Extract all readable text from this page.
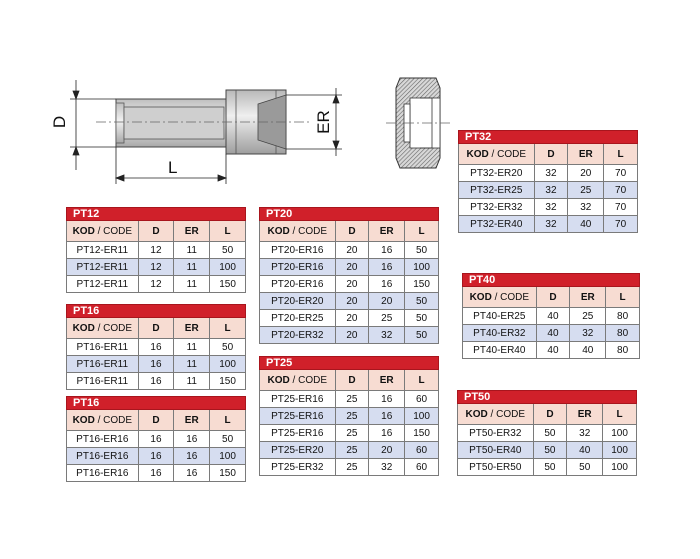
D
L
ER
PT12			
KOD / CODE	D	ER	L
PT12-ER11	12	11	50
PT12-ER11	12	11	100
PT12-ER11	12	11	150
PT16			
KOD / CODE	D	ER	L
PT16-ER11	16	11	50
PT16-ER11	16	11	100
PT16-ER11	16	11	150
PT16			
KOD / CODE	D	ER	L
PT16-ER16	16	16	50
PT16-ER16	16	16	100
PT16-ER16	16	16	150
PT20			
KOD / CODE	D	ER	L
PT20-ER16	20	16	50
PT20-ER16	20	16	100
PT20-ER16	20	16	150
PT20-ER20	20	20	50
PT20-ER25	20	25	50
PT20-ER32	20	32	50
PT25			
KOD / CODE	D	ER	L
PT25-ER16	25	16	60
PT25-ER16	25	16	100
PT25-ER16	25	16	150
PT25-ER20	25	20	60
PT25-ER32	25	32	60
PT32			
KOD / CODE	D	ER	L
PT32-ER20	32	20	70
PT32-ER25	32	25	70
PT32-ER32	32	32	70
PT32-ER40	32	40	70
PT40			
KOD / CODE	D	ER	L
PT40-ER25	40	25	80
PT40-ER32	40	32	80
PT40-ER40	40	40	80
PT50			
KOD / CODE	D	ER	L
PT50-ER32	50	32	100
PT50-ER40	50	40	100
PT50-ER50	50	50	100
